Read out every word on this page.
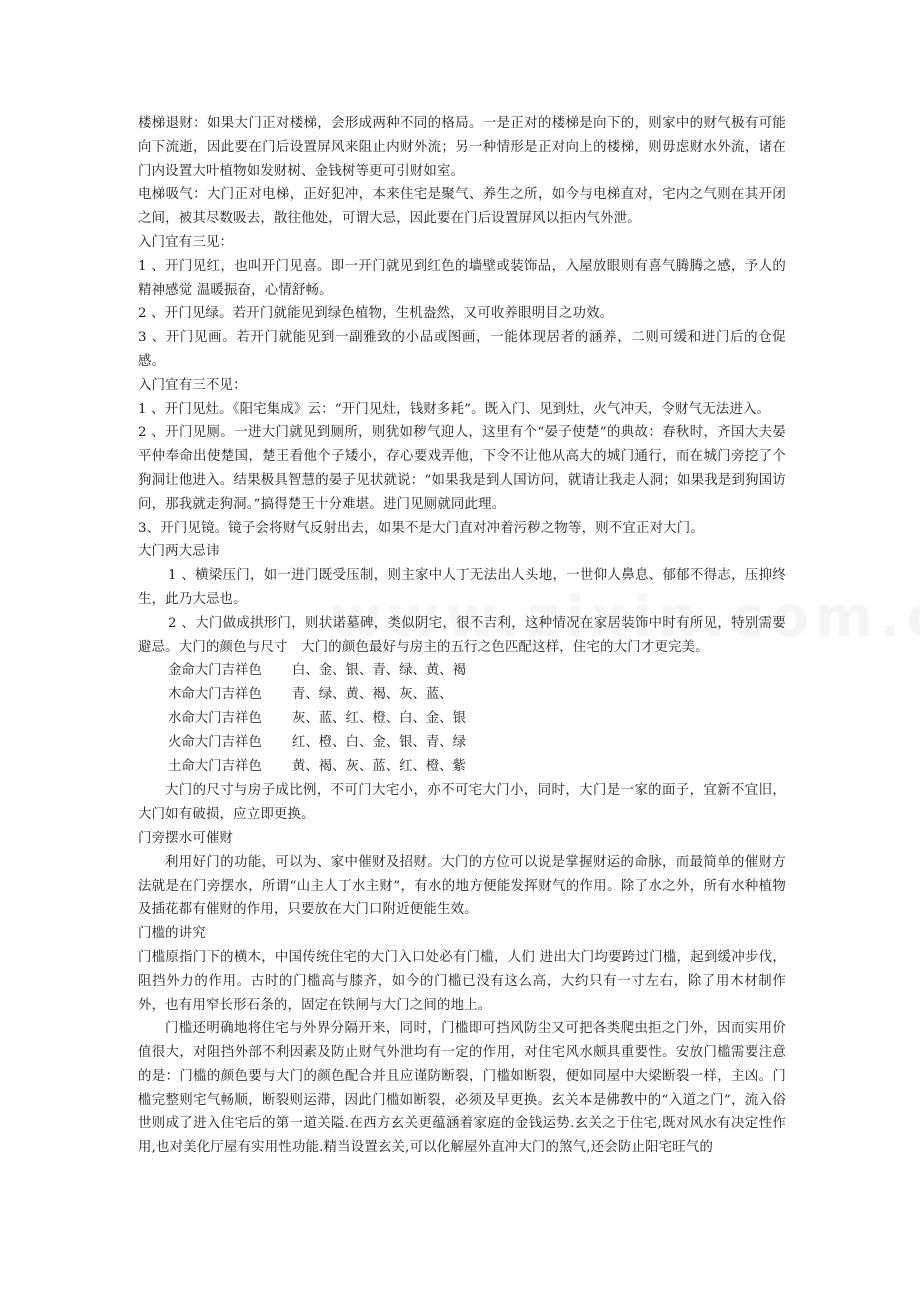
楼梯退财：如果大门正对楼梯，会形成两种不同的格局。一是正对的楼梯是向下的，则家中的财气极有可能向下流逝，因此要在门后设置屏风来阻止内财外流；另一种情形是正对向上的楼梯，则毋虑财水外流，诸在门内设置大叶植物如发财树、金钱树等更可引财如室。

电梯吸气：大门正对电梯，正好犯冲，本来住宅是聚气、养生之所，如今与电梯直对，宅内之气则在其开闭之间，被其尽数吸去，散往他处，可谓大忌，因此要在门后设置屏风以拒内气外泄。

入门宜有三见：

1 、开门见红，也叫开门见喜。即一开门就见到红色的墙壁或装饰品，入屋放眼则有喜气腾腾之感，予人的精神感觉 温暖振奋，心情舒畅。

2 、开门见绿。若开门就能见到绿色植物，生机盎然，又可收养眼明目之功效。

3 、开门见画。若开门就能见到一副雅致的小品或图画，一能体现居者的涵养，二则可缓和进门后的仓促感。

入门宜有三不见：

1 、开门见灶。《阳宅集成》云：“开门见灶，钱财多耗”。既入门、见到灶，火气冲天，令财气无法进入。

2 、开门见厕。一进大门就见到厕所，则犹如秽气迎人，这里有个“晏子使楚”的典故：春秋时，齐国大夫晏平仲奉命出使楚国，楚王看他个子矮小，存心要戏弄他，下令不让他从高大的城门通行，而在城门旁挖了个狗洞让他进入。结果极具智慧的晏子见状就说：“如果我是到人国访问，就请让我走人洞；如果我是到狗国访问，那我就走狗洞。”搞得楚王十分难堪。进门见厕就同此理。

3、开门见镜。镜子会将财气反射出去，如果不是大门直对冲着污秽之物等，则不宜正对大门。

大门两大忌讳

1 、横梁压门，如一进门既受压制，则主家中人丁无法出人头地，一世仰人鼻息、郁郁不得志，压抑终生，此乃大忌也。

2 、大门做成拱形门，则状诺墓碑，类似阴宅，很不吉利，这种情况在家居装饰中时有所见，特别需要避忌。大门的颜色与尺寸　大门的颜色最好与房主的五行之色匹配这样，住宅的大门才更完美。

金命大门吉祥色	白、金、银、青、绿、黄、褐
木命大门吉祥色	青、绿、黄、褐、灰、蓝、
水命大门吉祥色	灰、蓝、红、橙、白、金、银
火命大门吉祥色	红、橙、白、金、银、青、绿
土命大门吉祥色	黄、褐、灰、蓝、红、橙、紫

大门的尺寸与房子成比例，不可门大宅小，亦不可宅大门小，同时，大门是一家的面子，宜新不宜旧，大门如有破损，应立即更换。

门旁摆水可催财

利用好门的功能，可以为、家中催财及招财。大门的方位可以说是掌握财运的命脉，而最简单的催财方法就是在门旁摆水，所谓“山主人丁水主财”，有水的地方便能发挥财气的作用。除了水之外，所有水种植物及插花都有催财的作用，只要放在大门口附近便能生效。

门槛的讲究

门槛原指门下的横木，中国传统住宅的大门入口处必有门槛，人们 进出大门均要跨过门槛，起到缓冲步伐，阻挡外力的作用。古时的门槛高与膝齐，如今的门槛已没有这么高，大约只有一寸左右，除了用木材制作外，也有用窄长形石条的，固定在铁闸与大门之间的地上。

门槛还明确地将住宅与外界分隔开来，同时，门槛即可挡风防尘又可把各类爬虫拒之门外，因而实用价值很大，对阻挡外部不利因素及防止财气外泄均有一定的作用，对住宅风水颇具重要性。安放门槛需要注意的是：门槛的颜色要与大门的颜色配合并且应谨防断裂，门槛如断裂，便如同屋中大梁断裂一样，主凶。门槛完整则宅气畅顺，断裂则运滞，因此门槛如断裂，必须及早更换。玄关本是佛教中的“入道之门”，流入俗世则成了进入住宅后的第一道关隘.在西方玄关更蕴涵着家庭的金钱运势.玄关之于住宅,既对风水有决定性作用,也对美化厅屋有实用性功能.精当设置玄关,可以化解屋外直冲大门的煞气,还会防止阳宅旺气的
